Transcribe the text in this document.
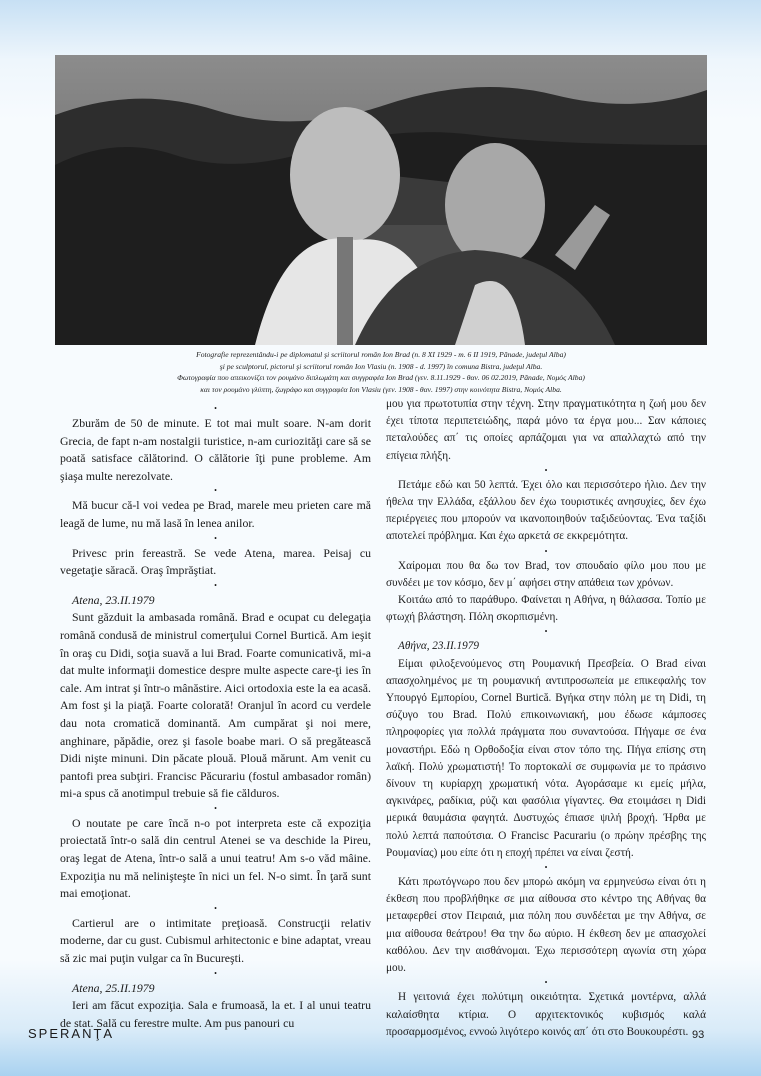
Fotografie reprezentându-i pe diplomatul şi scriitorul român Ion Brad (n. 8 XI 1929 - m. 6 II 1919, Pănade, judeţul Alba)
şi pe sculptorul, pictorul şi scriitorul român Ion Vlasiu (n. 1908 - d. 1997) în comuna Bistra, judeţul Alba.
Φωτογραφία που απεικονίζει τον ρουμάνο διπλωμάτη και συγγραφέα Ion Brad (γεν. 8.11.1929 - θαν. 06 02.2019, Pănade, Νομός Alba)
και τον ρουμάνο γλύπτη, ζωγράφο και συγγραφέα Ion Vlasiu (γεν. 1908 - θαν. 1997) στην κοινότητα Bistra, Νομός Alba.
•

Zburăm de 50 de minute. E tot mai mult soare. N-am dorit Grecia, de fapt n-am nostalgii turistice, n-am curiozităţi care să se poată satisface călătorind. O călătorie îţi pune probleme. Am şiaşa multe nerezolvate.

•

Mă bucur că-l voi vedea pe Brad, marele meu prieten care mă leagă de lume, nu mă lasă în lenea anilor.

•

Privesc prin fereastră. Se vede Atena, marea. Peisaj cu vegetaţie săracă. Oraş împrăştiat.

•

Atena, 23.II.1979

Sunt găzduit la ambasada română. Brad e ocupat cu delegaţia română condusă de ministrul comerţului Cornel Burtică. Am ieşit în oraş cu Didi, soţia suavă a lui Brad. Foarte comunicativă, mi-a dat multe informaţii domestice despre multe aspecte care-ţi ies în cale. Am intrat şi într-o mânăstire. Aici ortodoxia este la ea acasă. Am fost şi la piaţă. Foarte colorată! Oranjul în acord cu verdele dau nota cromatică dominantă. Am cumpărat şi noi mere, anghinare, păpădie, orez şi fasole boabe mari. O să pregătească Didi nişte minuni. Din păcate plouă. Plouă mărunt. Am venit cu pantofi prea subţiri. Francisc Păcurariu (fostul ambasador român) mi-a spus că anotimpul trebuie să fie călduros.

•

O noutate pe care încă n-o pot interpreta este că expoziţia proiectată într-o sală din centrul Atenei se va deschide la Pireu, oraş legat de Atena, într-o sală a unui teatru! Am s-o văd mâine. Expoziţia nu mă nelinişteşte în nici un fel. N-o simt. În ţară sunt mai emoţionat.

•

Cartierul are o intimitate preţioasă. Construcţii relativ moderne, dar cu gust. Cubismul arhitectonic e bine adaptat, vreau să zic mai puţin vulgar ca în Bucureşti.

•

Atena, 25.II.1979

Ieri am făcut expoziţia. Sala e frumoasă, la et. I al unui teatru de stat. Sală cu ferestre multe. Am pus panouri cu

μου για πρωτοτυπία στην τέχνη. Στην πραγματικότητα η ζωή μου δεν έχει τίποτα περιπετειώδης, παρά μόνο τα έργα μου... Σαν κάποιες πεταλούδες απ΄ τις οποίες αρπάζομαι για να απαλλαχτώ από την επίγεια πλήξη.

•

Πετάμε εδώ και 50 λεπτά. Έχει όλο και περισσότερο ήλιο. Δεν την ήθελα την Ελλάδα, εξάλλου δεν έχω τουριστικές ανησυχίες, δεν έχω περιέργειες που μπορούν να ικανοποιηθούν ταξιδεύοντας. Ένα ταξίδι αποτελεί πρόβλημα. Και έχω αρκετά σε εκκρεμότητα.

•

Χαίρομαι που θα δω τον Brad, τον σπουδαίο φίλο μου που με συνδέει με τον κόσμο, δεν μ΄ αφήσει στην απάθεια των χρόνων.

Κοιτάω από το παράθυρο. Φαίνεται η Αθήνα, η θάλασσα. Τοπίο με φτωχή βλάστηση. Πόλη σκορπισμένη.

•

Αθήνα, 23.II.1979

Είμαι φιλοξενούμενος στη Ρουμανική Πρεσβεία. Ο Brad είναι απασχολημένος με τη ρουμανική αντιπροσωπεία με επικεφαλής τον Υπουργό Εμπορίου, Cornel Burtică. Βγήκα στην πόλη με τη Didi, τη σύζυγο του Brad. Πολύ επικοινωνιακή, μου έδωσε κάμποσες πληροφορίες για πολλά πράγματα που συναντούσα. Πήγαμε σε ένα μοναστήρι. Εδώ η Ορθοδοξία είναι στον τόπο της. Πήγα επίσης στη λαϊκή. Πολύ χρωματιστή! Το πορτοκαλί σε συμφωνία με το πράσινο δίνουν τη κυρίαρχη χρωματική νότα. Αγοράσαμε κι εμείς μήλα, αγκινάρες, ραδίκια, ρύζι και φασόλια γίγαντες. Θα ετοιμάσει η Didi μερικά θαυμάσια φαγητά. Δυστυχώς έπιασε ψιλή βροχή. Ήρθα με πολύ λεπτά παπούτσια. Ο Francisc Pacurariu (ο πρώην πρέσβης της Ρουμανίας) μου είπε ότι η εποχή πρέπει να είναι ζεστή.

•

Κάτι πρωτόγνωρο που δεν μπορώ ακόμη να ερμηνεύσω είναι ότι η έκθεση που προβλήθηκε σε μια αίθουσα στο κέντρο της Αθήνας θα μεταφερθεί στον Πειραιά, μια πόλη που συνδέεται με την Αθήνα, σε μια αίθουσα θεάτρου! Θα την δω αύριο. Η έκθεση δεν με απασχολεί καθόλου. Δεν την αισθάνομαι. Έχω περισσότερη αγωνία στη χώρα μου.

•

Η γειτονιά έχει πολύτιμη οικειότητα. Σχετικά μοντέρνα, αλλά καλαίσθητα κτίρια. Ο αρχιτεκτονικός κυβισμός καλά προσαρμοσμένος, εννοώ λιγότερο κοινός απ΄ ότι στο Βουκουρέστι.

SPERANŢA	93
